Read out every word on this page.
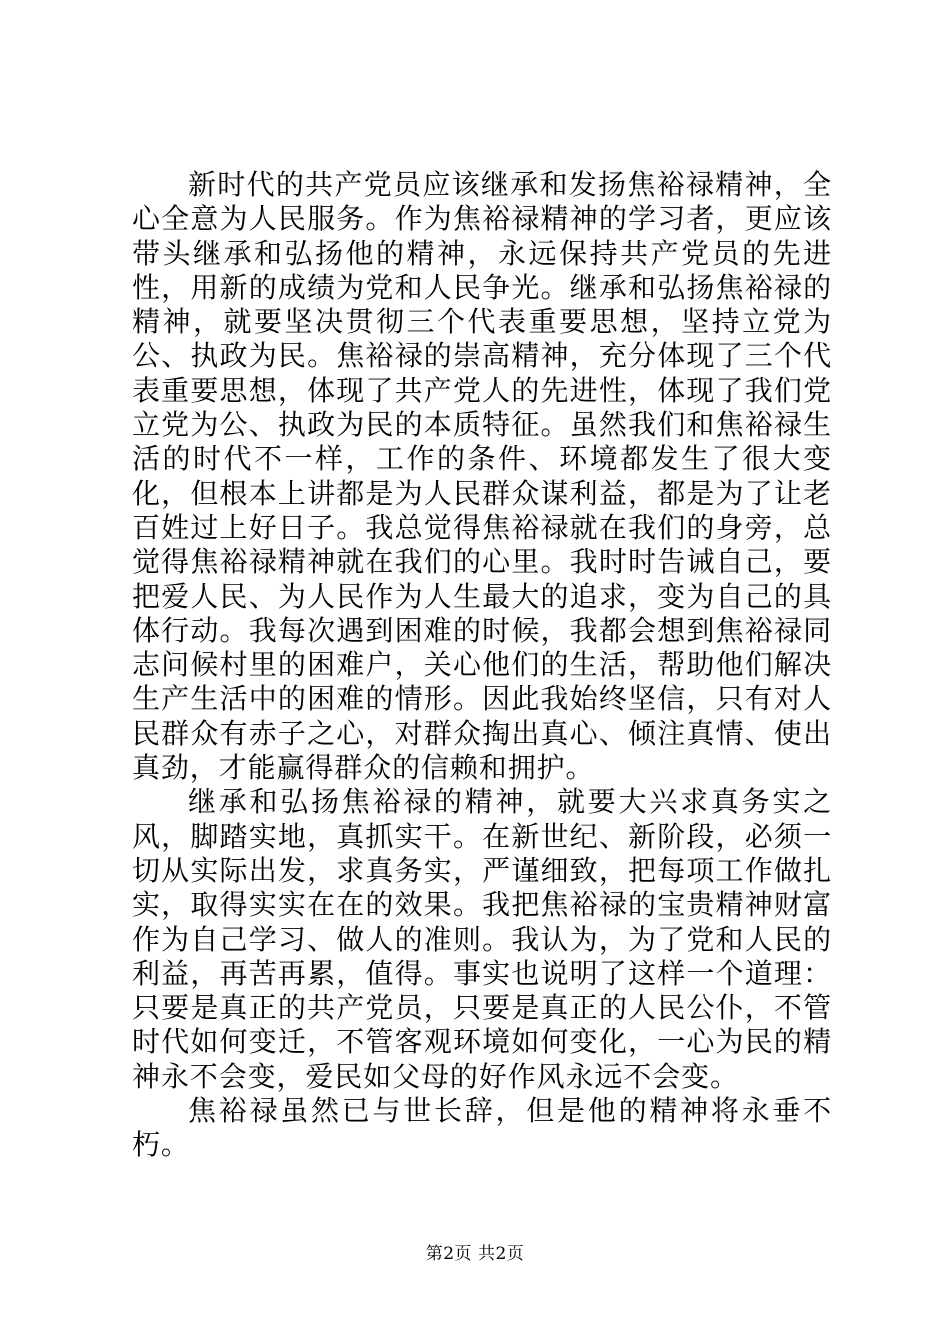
新时代的共产党员应该继承和发扬焦裕禄精神，全心全意为人民服务。作为焦裕禄精神的学习者，更应该带头继承和弘扬他的精神，永远保持共产党员的先进性，用新的成绩为党和人民争光。继承和弘扬焦裕禄的精神，就要坚决贯彻三个代表重要思想，坚持立党为公、执政为民。焦裕禄的崇高精神，充分体现了三个代表重要思想，体现了共产党人的先进性，体现了我们党立党为公、执政为民的本质特征。虽然我们和焦裕禄生活的时代不一样，工作的条件、环境都发生了很大变化，但根本上讲都是为人民群众谋利益，都是为了让老百姓过上好日子。我总觉得焦裕禄就在我们的身旁，总觉得焦裕禄精神就在我们的心里。我时时告诫自己，要把爱人民、为人民作为人生最大的追求，变为自己的具体行动。我每次遇到困难的时候，我都会想到焦裕禄同志问候村里的困难户，关心他们的生活，帮助他们解决生产生活中的困难的情形。因此我始终坚信，只有对人民群众有赤子之心，对群众掏出真心、倾注真情、使出真劲，才能赢得群众的信赖和拥护。

继承和弘扬焦裕禄的精神，就要大兴求真务实之风，脚踏实地，真抓实干。在新世纪、新阶段，必须一切从实际出发，求真务实，严谨细致，把每项工作做扎实，取得实实在在的效果。我把焦裕禄的宝贵精神财富作为自己学习、做人的准则。我认为，为了党和人民的利益，再苦再累，值得。事实也说明了这样一个道理：只要是真正的共产党员，只要是真正的人民公仆，不管时代如何变迁，不管客观环境如何变化，一心为民的精神永不会变，爱民如父母的好作风永远不会变。

焦裕禄虽然已与世长辞，但是他的精神将永垂不朽。

第2页 共2页
